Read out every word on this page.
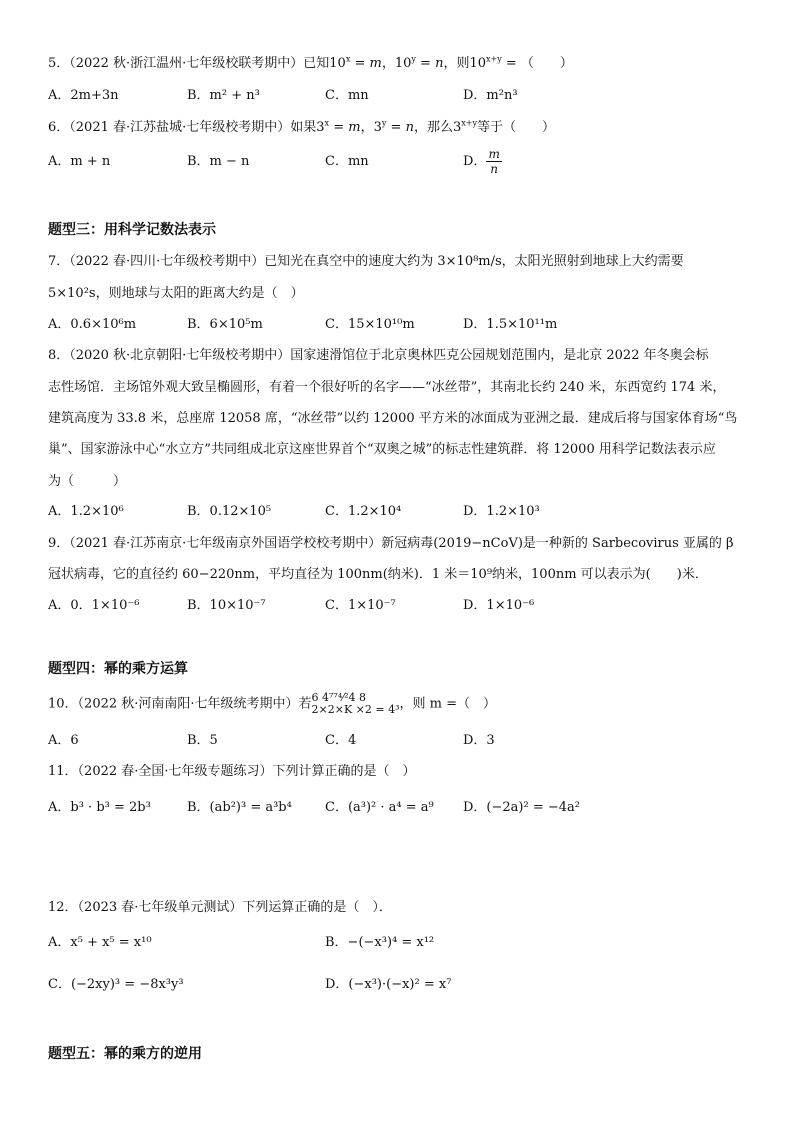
5．（2022 秋·浙江温州·七年级校联考期中）已知$10^x = m$，$10^y = n$，则$10^{x+y}$ = （　　）
A．2m+3n	B．m² + n³	C．mn	D．m²n³
6．（2021 春·江苏盐城·七年级校考期中）如果$3^x = m$，$3^y = n$，那么$3^{x+y}$等于（　　）
A．m + n	B．m − n	C．mn	D． $\frac{m}{n}$
题型三：用科学记数法表示
7．（2022 春·四川·七年级校考期中）已知光在真空中的速度大约为 3×10⁸m/s，太阳光照射到地球上大约需要
5×10²s，则地球与太阳的距离大约是（　）
A．0.6×10⁶m	B．6×10⁵m	C．15×10¹⁰m	D．1.5×10¹¹m
8．（2020 秋·北京朝阳·七年级校考期中）国家速滑馆位于北京奥林匹克公园规划范围内，是北京 2022 年冬奥会标
志性场馆．主场馆外观大致呈椭圆形，有着一个很好听的名字——“冰丝带”，其南北长约 240 米，东西宽约 174 米，
建筑高度为 33.8 米，总座席 12058 席，“冰丝带”以约 12000 平方米的冰面成为亚洲之最．建成后将与国家体育场“鸟
巢”、国家游泳中心“水立方”共同组成北京这座世界首个“双奥之城”的标志性建筑群．将 12000 用科学记数法表示应
为（　　　）
A．1.2×10⁶	B．0.12×10⁵	C．1.2×10⁴	D．1.2×10³
9．（2021 春·江苏南京·七年级南京外国语学校校考期中）新冠病毒(2019−nCoV)是一种新的 Sarbecovirus 亚属的 β
冠状病毒，它的直径约 60−220nm，平均直径为 100nm(纳米)．1 米＝10⁹纳米，100nm 可以表示为(　　)米．
A．0．1×10⁻⁶	B．10×10⁻⁷	C．1×10⁻⁷	D．1×10⁻⁶
题型四：幂的乘方运算
10．（2022 秋·河南南阳·七年级统考期中）若 6 4⁷⁷⁴⁄²4 8
2×2×K ×2 = 4³ ，则 m =（　）
A．6	B．5	C．4	D．3
11．（2022 春·全国·七年级专题练习）下列计算正确的是（　）
A．b³ · b³ = 2b³	B．(ab²)³ = a³b⁴	C．(a³)² · a⁴ = a⁹ D．(−2a)² = −4a²
12．（2023 春·七年级单元测试）下列运算正确的是（　）．
A．x⁵ + x⁵ = x¹⁰	B．−(−x³)⁴ = x¹²
C．(−2xy)³ = −8x³y³	D．(−x³)·(−x)² = x⁷
题型五：幂的乘方的逆用
